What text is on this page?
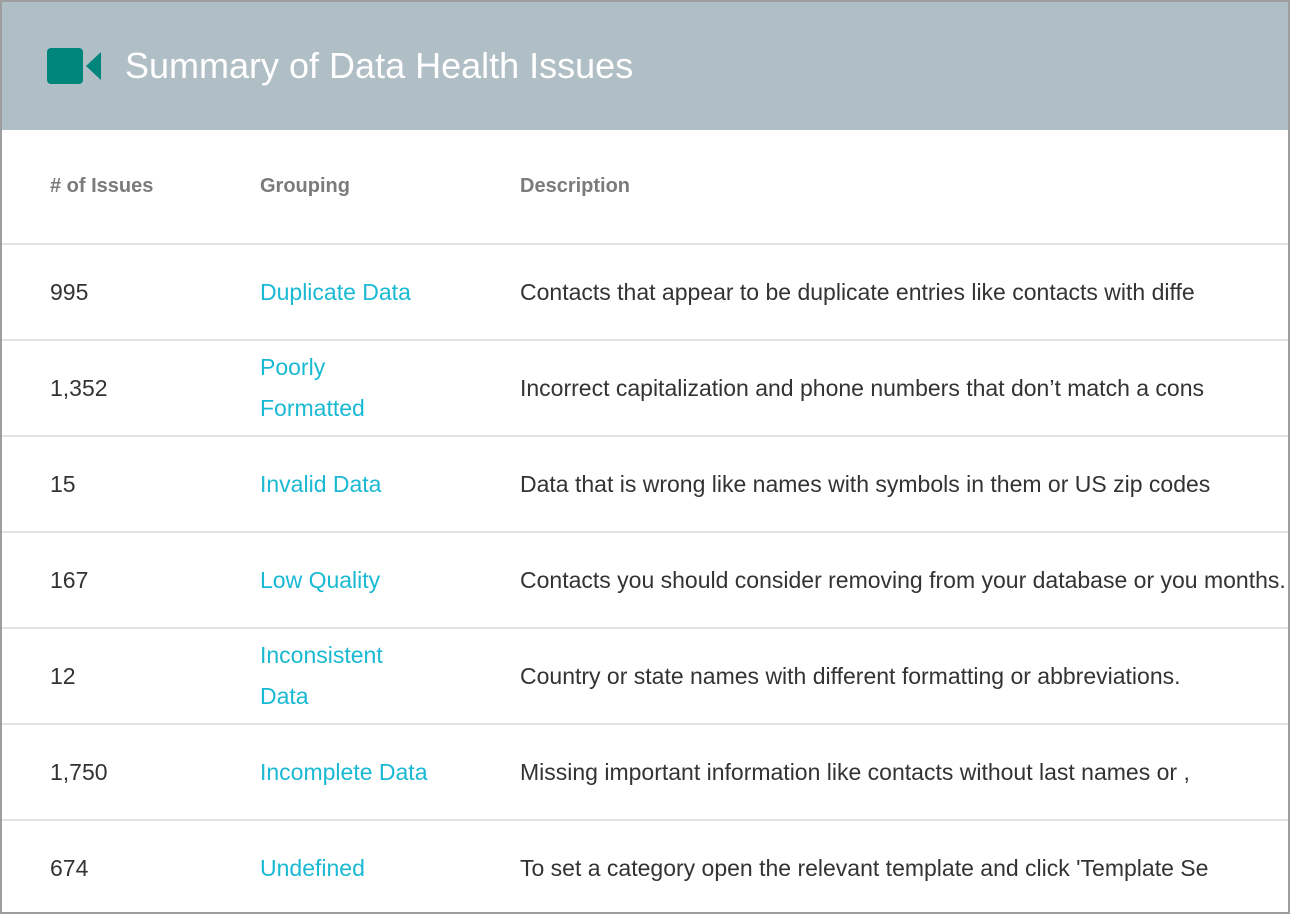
Summary of Data Health Issues
# of Issues	Grouping	Description
995	Duplicate Data	Contacts that appear to be duplicate entries like contacts with diffe

1,352	Poorly Formatted	Incorrect capitalization and phone numbers that don’t match a cons

15	Invalid Data	Data that is wrong like names with symbols in them or US zip codes

167	Low Quality	Contacts you should consider removing from your database or you months.

12	Inconsistent Data	Country or state names with different formatting or abbreviations.

1,750	Incomplete Data	Missing important information like contacts without last names or ,

674	Undefined	To set a category open the relevant template and click 'Template Se
